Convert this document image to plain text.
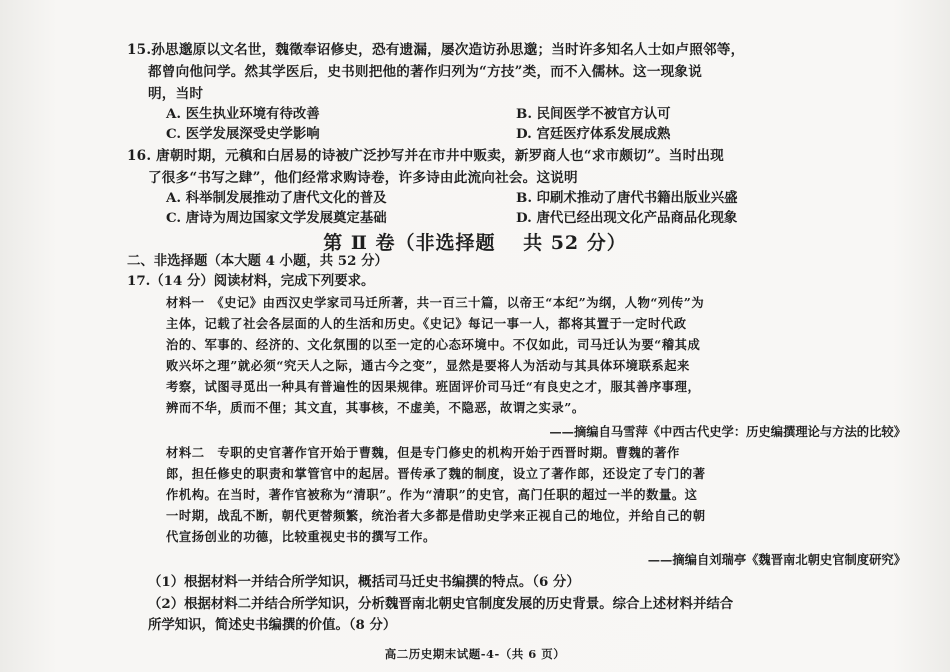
15.孙思邈原以文名世，魏徵奉诏修史，恐有遗漏，屡次造访孙思邈；当时许多知名人士如卢照邻等，
都曾向他问学。然其学医后，史书则把他的著作归列为“方技”类，而不入儒林。这一现象说
明，当时
A. 医生执业环境有待改善	B. 民间医学不被官方认可
C. 医学发展深受史学影响	D. 宫廷医疗体系发展成熟
16. 唐朝时期，元稹和白居易的诗被广泛抄写并在市井中贩卖，新罗商人也“求市颇切”。当时出现
了很多“书写之肆”，他们经常求购诗卷，许多诗由此流向社会。这说明
A. 科举制发展推动了唐代文化的普及	B. 印刷术推动了唐代书籍出版业兴盛
C. 唐诗为周边国家文学发展奠定基础	D. 唐代已经出现文化产品商品化现象
第 Ⅱ 卷（非选择题　 共 52 分）
二、非选择题（本大题 4 小题，共 52 分）
17.（14 分）阅读材料，完成下列要求。
材料一　《史记》由西汉史学家司马迁所著，共一百三十篇，以帝王“本纪”为纲，人物“列传”为
主体，记载了社会各层面的人的生活和历史。《史记》每记一事一人，都将其置于一定时代政
治的、军事的、经济的、文化氛围的以至一定的心态环境中。不仅如此，司马迁认为要“稽其成
败兴坏之理”就必须“究天人之际，通古今之变”，显然是要将人为活动与其具体环境联系起来
考察，试图寻觅出一种具有普遍性的因果规律。班固评价司马迁“有良史之才，服其善序事理，
辨而不华，质而不俚；其文直，其事核，不虚美，不隐恶，故谓之实录”。
——摘编自马雪萍《中西古代史学：历史编撰理论与方法的比较》
材料二　专职的史官著作官开始于曹魏，但是专门修史的机构开始于西晋时期。曹魏的著作
郎，担任修史的职责和掌管官中的起居。晋传承了魏的制度，设立了著作郎，还设定了专门的著
作机构。在当时，著作官被称为“清职”。作为“清职”的史官，高门任职的超过一半的数量。这
一时期，战乱不断，朝代更替频繁，统治者大多都是借助史学来正视自己的地位，并给自己的朝
代宣扬创业的功德，比较重视史书的撰写工作。
——摘编自刘瑞亭《魏晋南北朝史官制度研究》
（1）根据材料一并结合所学知识，概括司马迁史书编撰的特点。（6 分）
（2）根据材料二并结合所学知识，分析魏晋南北朝史官制度发展的历史背景。综合上述材料并结合
所学知识，简述史书编撰的价值。（8 分）
高二历史期末试题-4-（共 6 页）
